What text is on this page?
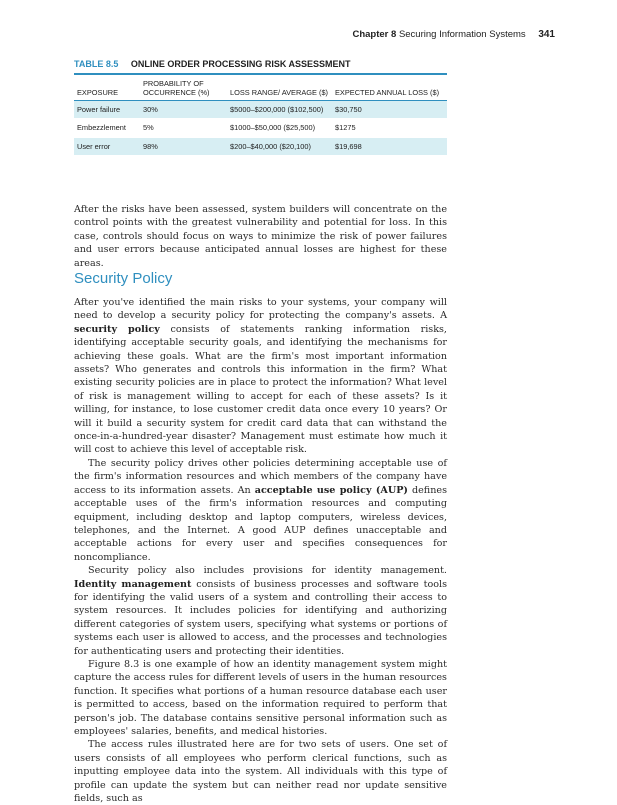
Chapter 8 Securing Information Systems 341
TABLE 8.5 ONLINE ORDER PROCESSING RISK ASSESSMENT
EXPOSURE	PROBABILITY OF OCCURRENCE (%)	LOSS RANGE/ AVERAGE ($)	EXPECTED ANNUAL LOSS ($)
Power failure	30%	$5000–$200,000 ($102,500)	$30,750
Embezzlement	5%	$1000–$50,000 ($25,500)	$1275
User error	98%	$200–$40,000 ($20,100)	$19,698

After the risks have been assessed, system builders will concentrate on the control points with the greatest vulnerability and potential for loss. In this case, controls should focus on ways to minimize the risk of power failures and user errors because anticipated annual losses are highest for these areas.

Security Policy

After you've identified the main risks to your systems, your company will need to develop a security policy for protecting the company's assets. A security policy consists of statements ranking information risks, identifying acceptable security goals, and identifying the mechanisms for achieving these goals. What are the firm's most important information assets? Who generates and controls this information in the firm? What existing security policies are in place to protect the information? What level of risk is management willing to accept for each of these assets? Is it willing, for instance, to lose customer credit data once every 10 years? Or will it build a security system for credit card data that can withstand the once-in-a-hundred-year disaster? Management must estimate how much it will cost to achieve this level of acceptable risk.

The security policy drives other policies determining acceptable use of the firm's information resources and which members of the company have access to its information assets. An acceptable use policy (AUP) defines acceptable uses of the firm's information resources and computing equipment, including desktop and laptop computers, wireless devices, telephones, and the Internet. A good AUP defines unacceptable and acceptable actions for every user and specifies consequences for noncompliance.

Security policy also includes provisions for identity management. Identity management consists of business processes and software tools for identifying the valid users of a system and controlling their access to system resources. It includes policies for identifying and authorizing different categories of system users, specifying what systems or portions of systems each user is allowed to access, and the processes and technologies for authenticating users and protecting their identities.

Figure 8.3 is one example of how an identity management system might capture the access rules for different levels of users in the human resources function. It specifies what portions of a human resource database each user is permitted to access, based on the information required to perform that person's job. The database contains sensitive personal information such as employees' salaries, benefits, and medical histories.

The access rules illustrated here are for two sets of users. One set of users consists of all employees who perform clerical functions, such as inputting employee data into the system. All individuals with this type of profile can update the system but can neither read nor update sensitive fields, such as
